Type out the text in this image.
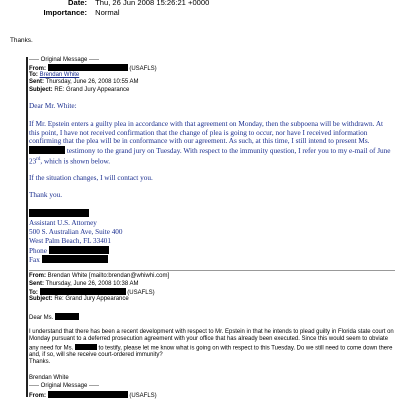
Date: Thu, 26 Jun 2008 15:26:21 +0000
Importance: Normal
Thanks.
----- Original Message -----
From:	(USAFLS)
To: Brendan White
Sent: Thursday, June 26, 2008 10:55 AM
Subject: RE: Grand Jury Appearance
Dear Mr. White:

If Mr. Epstein enters a guilty plea in accordance with that agreement on Monday, then the subpoena will be withdrawn. At this point, I have not received confirmation that the change of plea is going to occur, nor have I received information confirming that the plea will be in conformance with our agreement. As such, at this time, I still intend to present Ms.  testimony to the grand jury on Tuesday. With respect to the immunity question, I refer you to my e-mail of June 23rd, which is shown below.

If the situation changes, I will contact you.
Thank you.
Assistant U.S. Attorney
500 S. Australian Ave, Suite 400
West Palm Beach, FL 33401
Phone
Fax
From: Brendan White [mailto:brendan@whiwhi.com]
Sent: Thursday, June 26, 2008 10:38 AM
To:	(USAFLS)
Subject: Re: Grand Jury Appearance
Dear Ms.

I understand that there has been a recent development with respect to Mr. Epstein in that he intends to plead guilty in Florida state court on Monday pursuant to a deferred prosecution agreement with your office that has already been executed. Since this would seem to obviate any need for Ms.	to testify, please let me know what is going on with respect to this Tuesday. Do we still need to come down there and, if so, will she receive court-ordered immunity?

Thanks.
Brendan White
----- Original Message -----
From:	(USAFLS)
